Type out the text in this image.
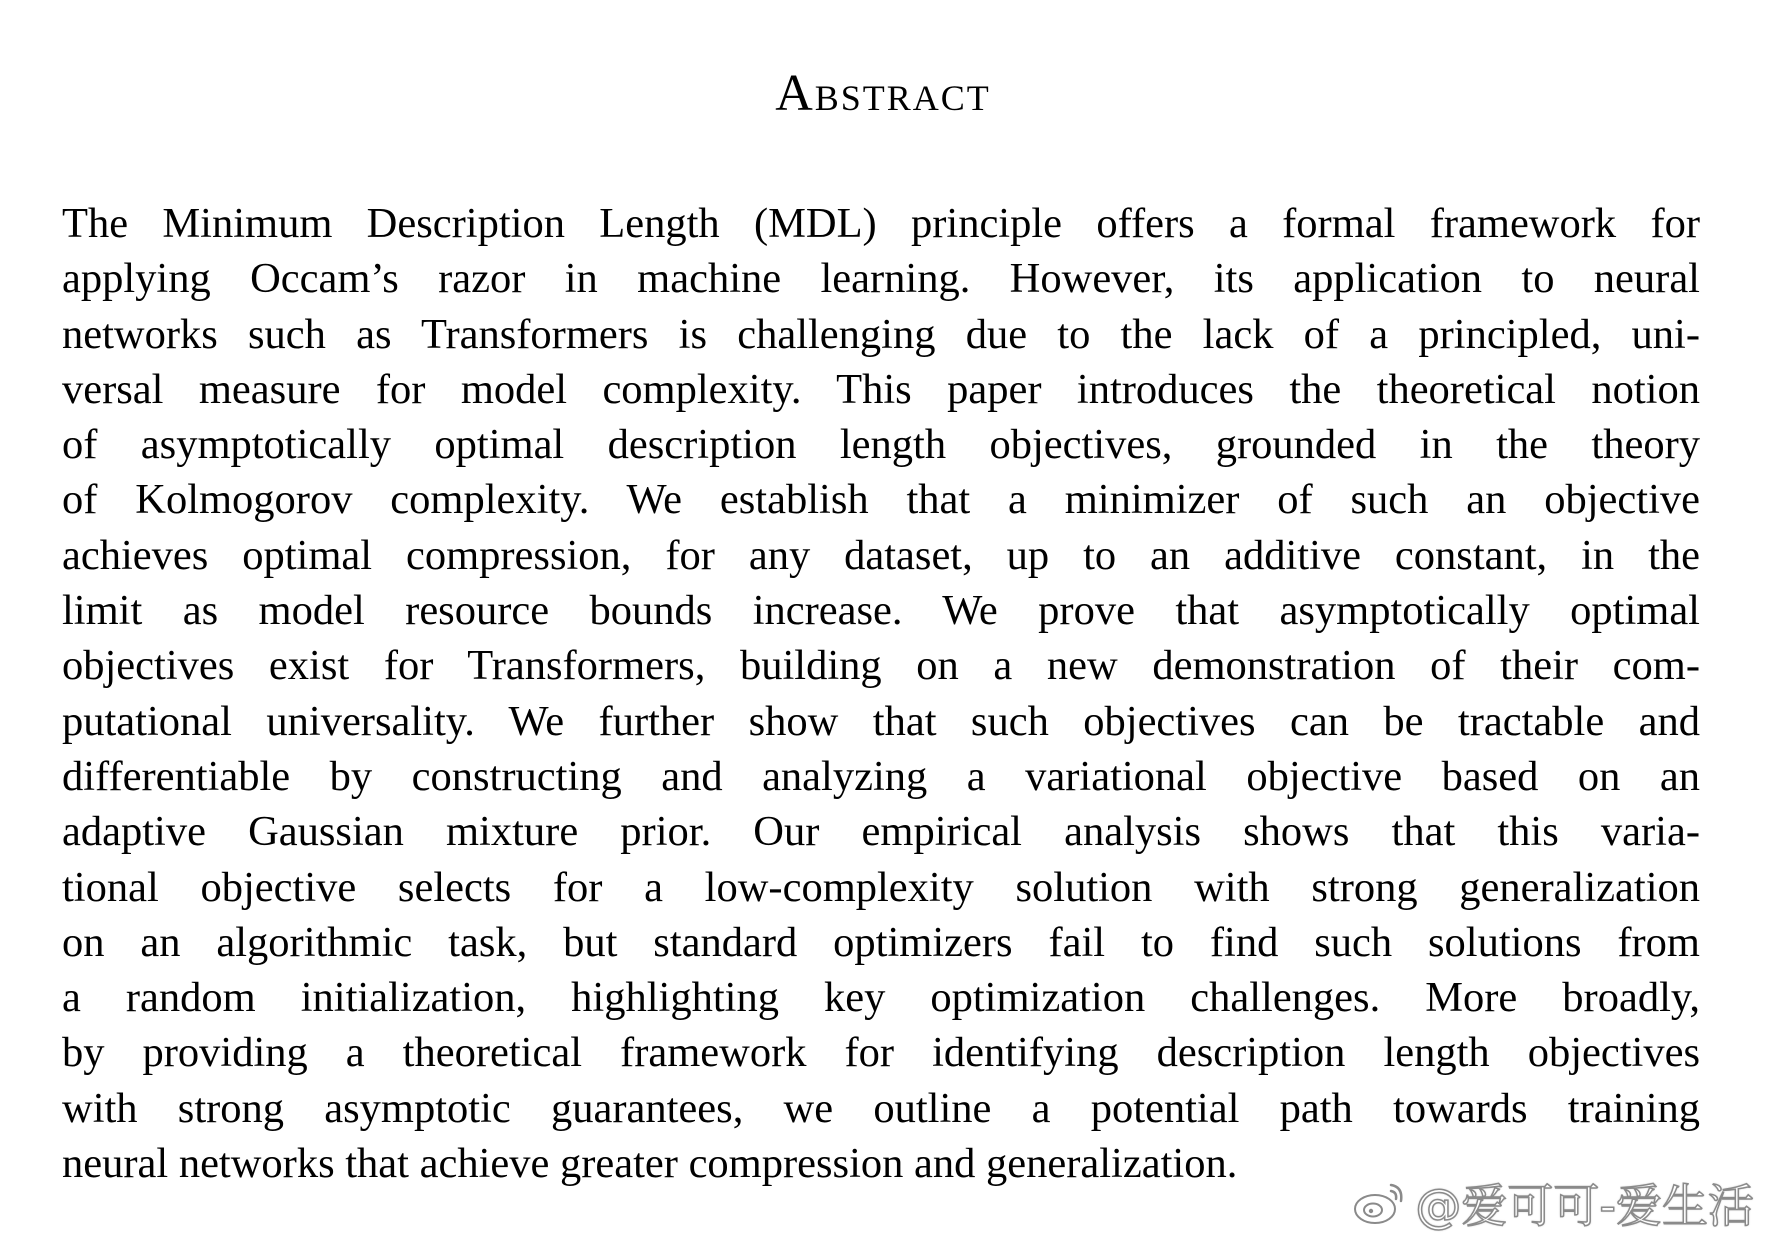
Abstract
The Minimum Description Length (MDL) principle offers a formal framework for
applying Occam’s razor in machine learning. However, its application to neural
networks such as Transformers is challenging due to the lack of a principled, uni-
versal measure for model complexity. This paper introduces the theoretical notion
of asymptotically optimal description length objectives, grounded in the theory
of Kolmogorov complexity. We establish that a minimizer of such an objective
achieves optimal compression, for any dataset, up to an additive constant, in the
limit as model resource bounds increase. We prove that asymptotically optimal
objectives exist for Transformers, building on a new demonstration of their com-
putational universality. We further show that such objectives can be tractable and
differentiable by constructing and analyzing a variational objective based on an
adaptive Gaussian mixture prior. Our empirical analysis shows that this varia-
tional objective selects for a low-complexity solution with strong generalization
on an algorithmic task, but standard optimizers fail to find such solutions from
a random initialization, highlighting key optimization challenges. More broadly,
by providing a theoretical framework for identifying description length objectives
with strong asymptotic guarantees, we outline a potential path towards training
neural networks that achieve greater compression and generalization.
@爱可可-爱生活
